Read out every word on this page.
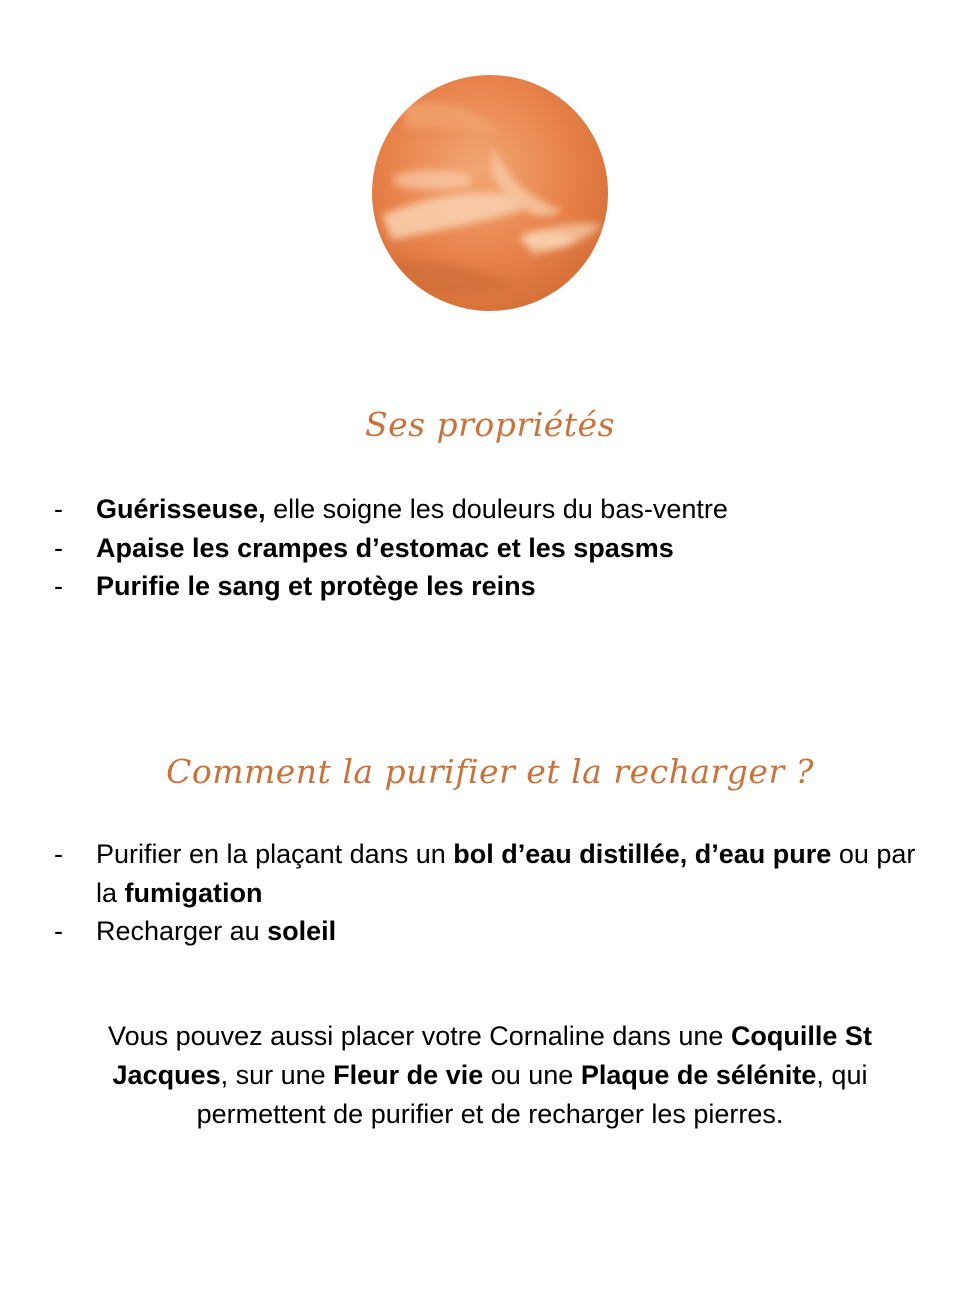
Ses propriétés
- Guérisseuse, elle soigne les douleurs du bas-ventre
- Apaise les crampes d’estomac et les spasms
- Purifie le sang et protège les reins
Comment la purifier et la recharger ?
- Purifier en la plaçant dans un bol d’eau distillée, d’eau pure ou par la fumigation
- Recharger au soleil

Vous pouvez aussi placer votre Cornaline dans une Coquille St Jacques, sur une Fleur de vie ou une Plaque de sélénite, qui permettent de purifier et de recharger les pierres.
